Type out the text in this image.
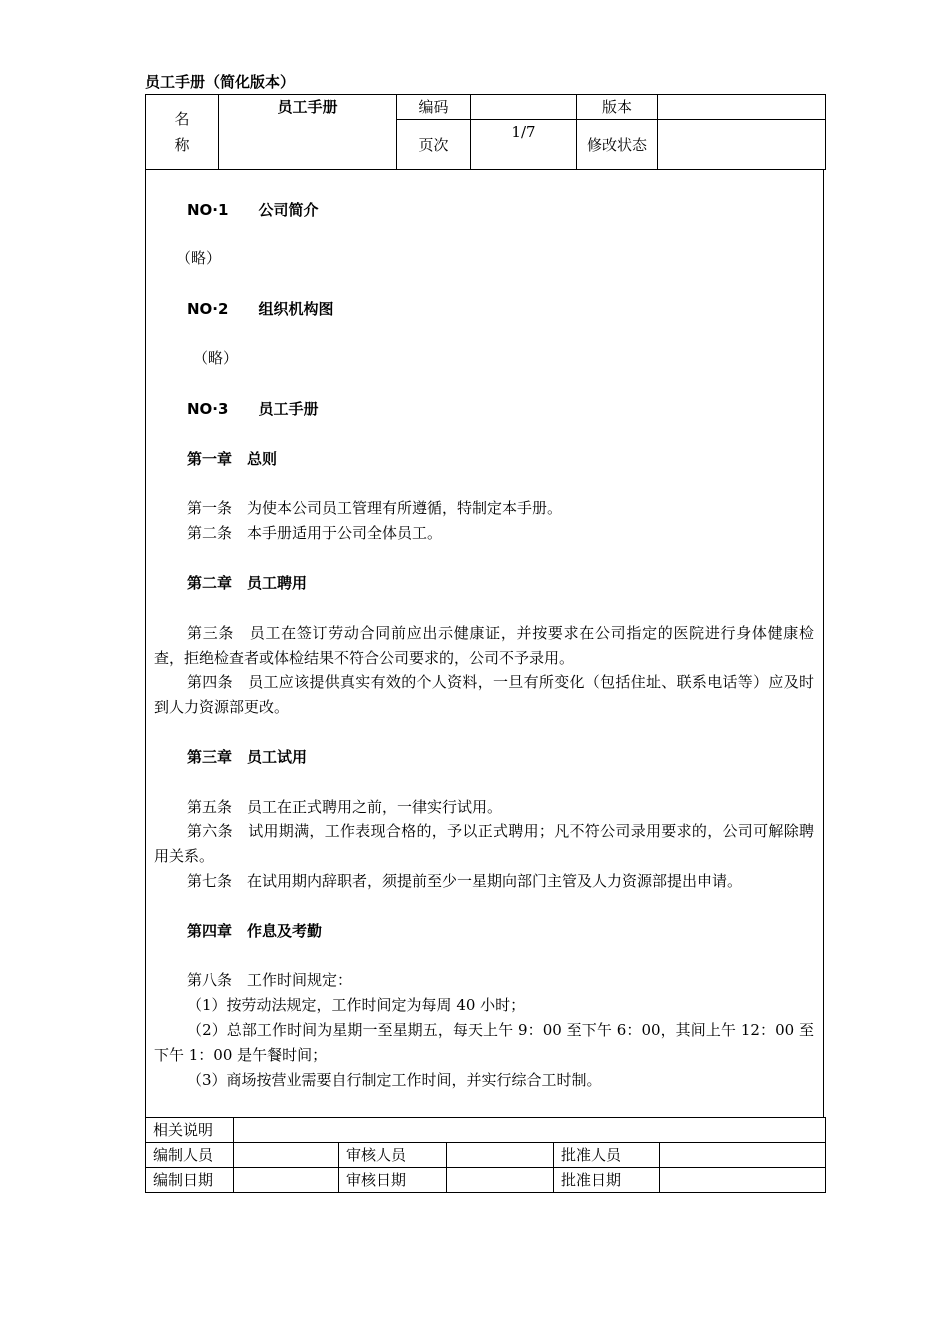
员工手册（简化版本）
名
称	员工手册	编码		版本	
		页次	1/7	修改状态	
NO·1　　公司简介
（略）
NO·2　　组织机构图
（略）
NO·3　　员工手册
第一章　总则
第一条　为使本公司员工管理有所遵循，特制定本手册。
第二条　本手册适用于公司全体员工。
第二章　员工聘用
第三条　员工在签订劳动合同前应出示健康证，并按要求在公司指定的医院进行身体健康检查，拒绝检查者或体检结果不符合公司要求的，公司不予录用。
第四条　员工应该提供真实有效的个人资料，一旦有所变化（包括住址、联系电话等）应及时到人力资源部更改。
第三章　员工试用
第五条　员工在正式聘用之前，一律实行试用。
第六条　试用期满，工作表现合格的，予以正式聘用；凡不符公司录用要求的，公司可解除聘用关系。
第七条　在试用期内辞职者，须提前至少一星期向部门主管及人力资源部提出申请。
第四章　作息及考勤
第八条　工作时间规定：
（1）按劳动法规定，工作时间定为每周 40 小时；
（2）总部工作时间为星期一至星期五，每天上午 9：00 至下午 6：00，其间上午 12：00 至下午 1：00 是午餐时间；
（3）商场按营业需要自行制定工作时间，并实行综合工时制。
相关说明					
编制人员		审核人员		批准人员	
编制日期		审核日期		批准日期	
